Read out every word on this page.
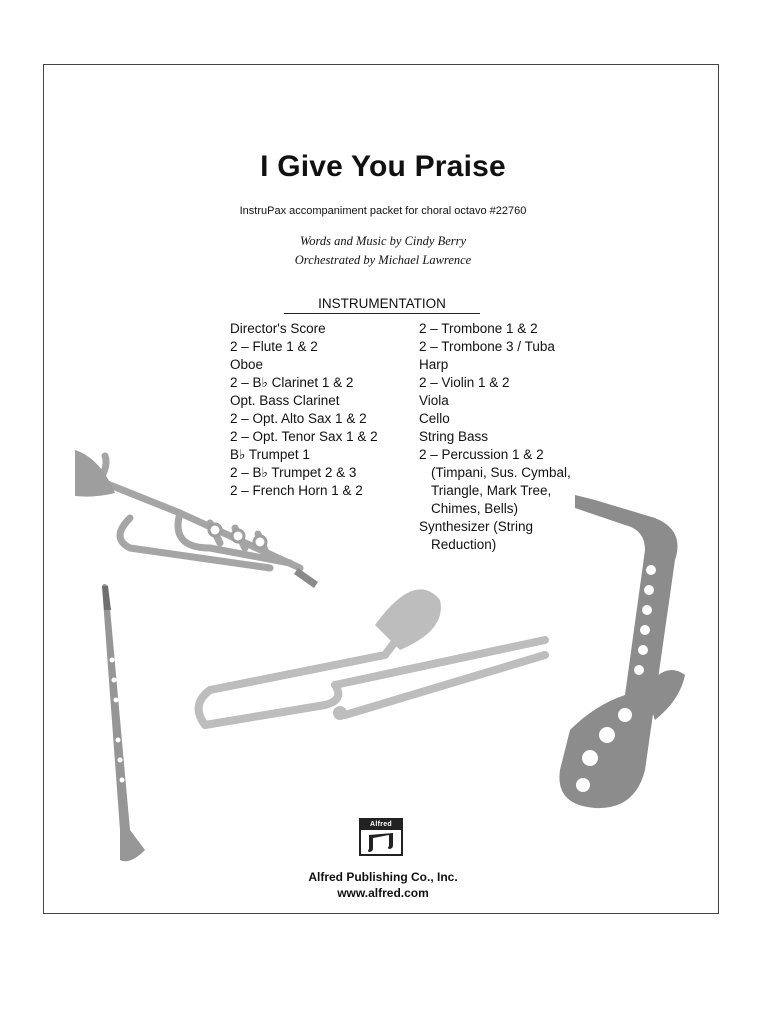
I Give You Praise
InstruPax accompaniment packet for choral octavo #22760
Words and Music by Cindy Berry
Orchestrated by Michael Lawrence
INSTRUMENTATION
Director's Score
2 – Flute 1 & 2
Oboe
2 – B♭ Clarinet 1 & 2
Opt. Bass Clarinet
2 – Opt. Alto Sax 1 & 2
2 – Opt. Tenor Sax 1 & 2
B♭ Trumpet 1
2 – B♭ Trumpet 2 & 3
2 – French Horn 1 & 2
2 – Trombone 1 & 2
2 – Trombone 3 / Tuba
Harp
2 – Violin 1 & 2
Viola
Cello
String Bass
2 – Percussion 1 & 2
(Timpani, Sus. Cymbal,
Triangle, Mark Tree,
Chimes, Bells)
Synthesizer (String
Reduction)
Alfred
Alfred Publishing Co., Inc.
www.alfred.com
